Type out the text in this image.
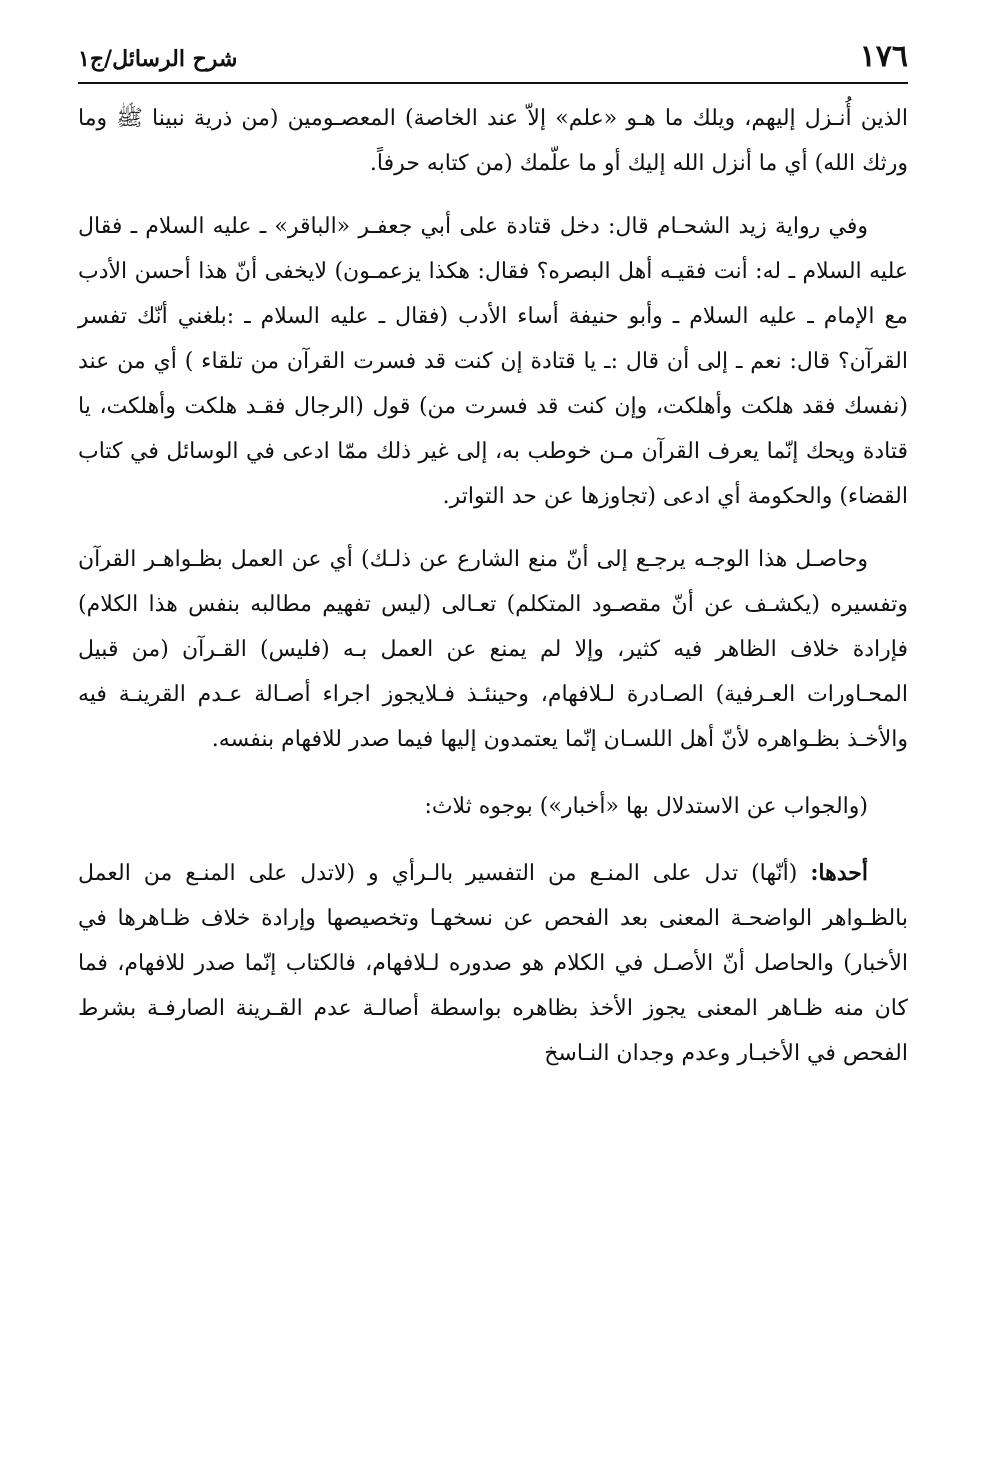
١٧٦
شرح الرسائل/ج١

الذين أُنـزل إليهم، ويلك ما هـو «علم» إلاّ عند الخاصة) المعصـومين (من ذرية نبينا ﷺ وما ورثك الله) أي ما أنزل الله إليك أو ما علّمك (من كتابه حرفاً.

وفي رواية زيد الشحـام قال: دخل قتادة على أبي جعفـر «الباقر» ـ عليه السلام ـ فقال عليه السلام ـ له: أنت فقيـه أهل البصره؟ فقال: هكذا يزعمـون) لايخفى أنّ هذا أحسن الأدب مع الإمام ـ عليه السلام ـ وأبو حنيفة أساء الأدب (فقال ـ عليه السلام ـ :بلغني أنّك تفسر القرآن؟ قال: نعم ـ إلى أن قال :ـ يا قتادة إن كنت قد فسرت القرآن من تلقاء ) أي من عند (نفسك فقد هلكت وأهلكت، وإن كنت قد فسرت من) قول (الرجال فقـد هلكت وأهلكت، يا قتادة ويحك إنّما يعرف القرآن مـن خوطب به، إلى غير ذلك ممّا ادعى في الوسائل في كتاب القضاء) والحكومة أي ادعى (تجاوزها عن حد التواتر.

وحاصـل هذا الوجـه يرجـع إلى أنّ منع الشارع عن ذلـك) أي عن العمل بظـواهـر القرآن وتفسيره (يكشـف عن أنّ مقصـود المتكلم) تعـالى (ليس تفهيم مطالبه بنفس هذا الكلام) فإرادة خلاف الظاهر فيه كثير، وإلا لم يمنع عن العمل بـه (فليس) القـرآن (من قبيل المحـاورات العـرفية) الصـادرة لـلافهام، وحينئـذ فـلايجوز اجراء أصـالة عـدم القرينـة فيه والأخـذ بظـواهره لأنّ أهل اللسـان إنّما يعتمدون إليها فيما صدر للافهام بنفسه.

(والجواب عن الاستدلال بها «أخبار») بوجوه ثلاث:

أحدها: (أنّها) تدل على المنـع من التفسير بالـرأي و (لاتدل على المنـع من العمل بالظـواهر الواضحـة المعنى بعد الفحص عن نسخهـا وتخصيصها وإرادة خلاف ظـاهرها في الأخبار) والحاصل أنّ الأصـل في الكلام هو صدوره لـلافهام، فالكتاب إنّما صدر للافهام، فما كان منه ظـاهر المعنى يجوز الأخذ بظاهره بواسطة أصالـة عدم القـرينة الصارفـة بشرط الفحص في الأخبـار وعدم وجدان النـاسخ
